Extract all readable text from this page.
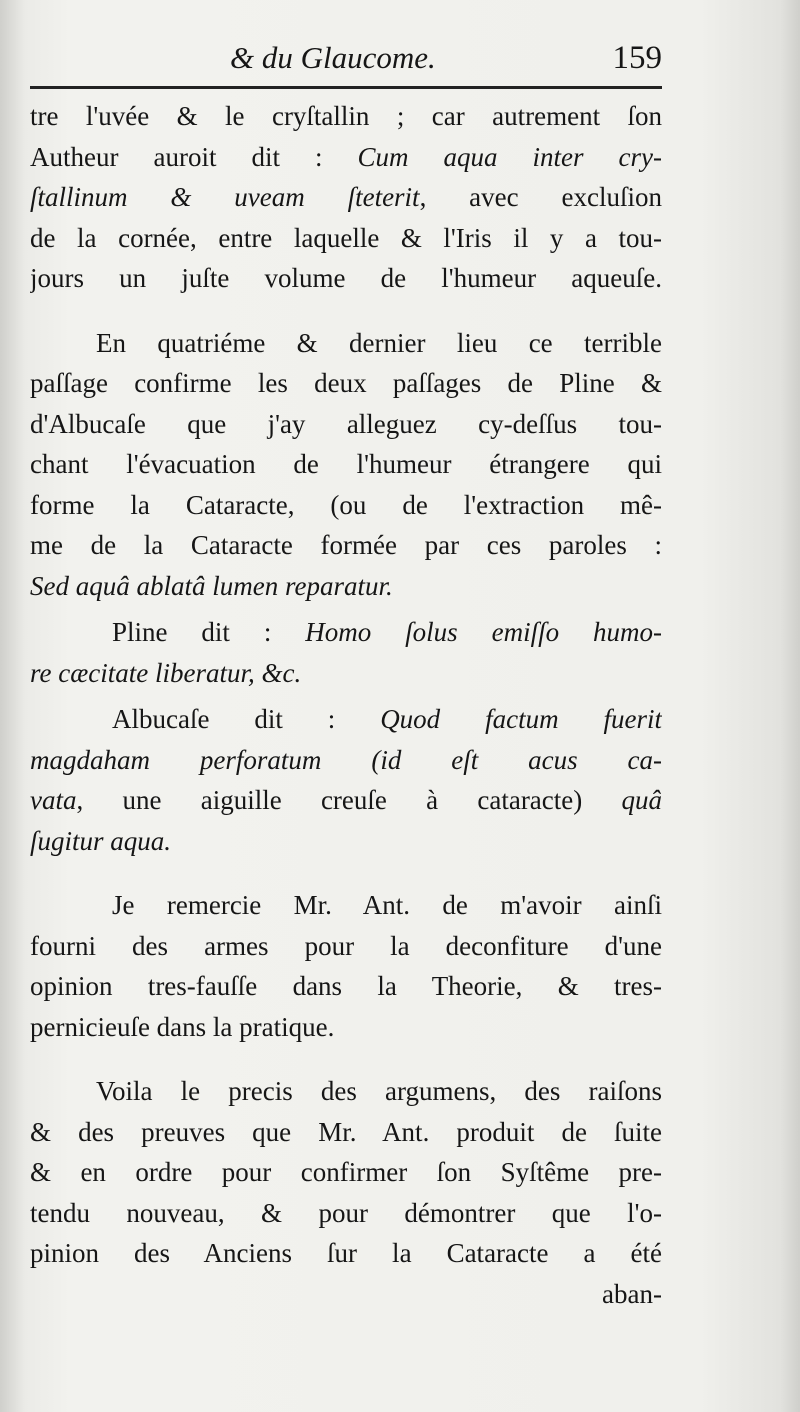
& du Glaucome.	159
tre l'uvée & le cryſtallin ; car autrement ſon
Autheur auroit dit : Cum aqua inter cry-
ſtallinum & uveam ſteterit, avec excluſion
de la cornée, entre laquelle & l'Iris il y a tou-
jours un juſte volume de l'humeur aqueuſe.
En quatriéme & dernier lieu ce terrible
paſſage confirme les deux paſſages de Pline &
d'Albucaſe que j'ay alleguez cy-deſſus tou-
chant l'évacuation de l'humeur étrangere qui
forme la Cataracte, (ou de l'extraction mê-
me de la Cataracte formée par ces paroles :
Sed aquâ ablatâ lumen reparatur.
Pline dit : Homo ſolus emiſſo humo-
re cæcitate liberatur, &c.
Albucaſe dit : Quod factum fuerit
magdaham perforatum (id eſt acus ca-
vata, une aiguille creuſe à cataracte) quâ
ſugitur aqua.
Je remercie Mr. Ant. de m'avoir ainſi
fourni des armes pour la deconfiture d'une
opinion tres-fauſſe dans la Theorie, & tres-
pernicieuſe dans la pratique.
Voila le precis des argumens, des raiſons
& des preuves que Mr. Ant. produit de ſuite
& en ordre pour confirmer ſon Syſtême pre-
tendu nouveau, & pour démontrer que l'o-
pinion des Anciens ſur la Cataracte a été
aban-
